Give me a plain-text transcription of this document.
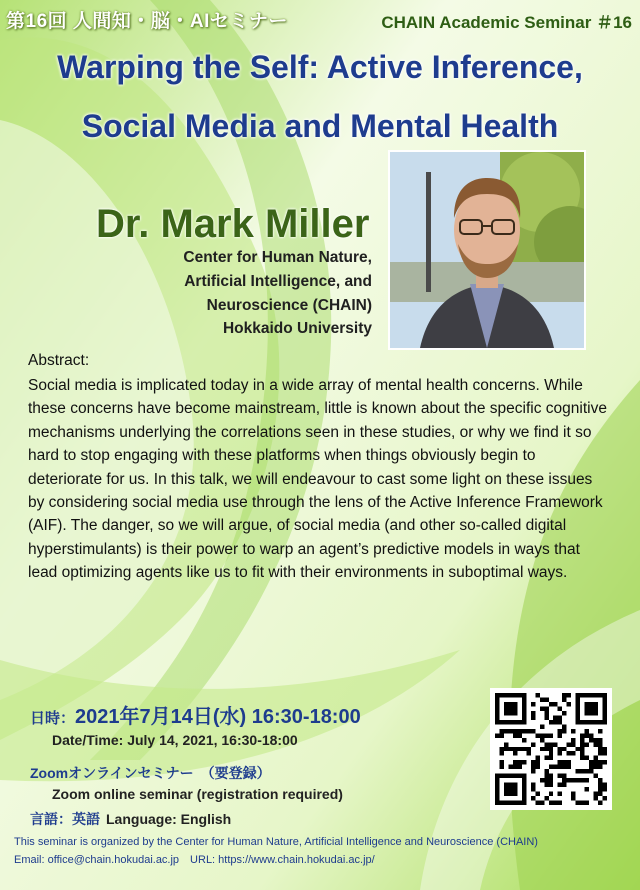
第16回 人間知・脳・AIセミナー	CHAIN Academic Seminar ＃16
Warping the Self: Active Inference,
Social Media and Mental Health
Dr. Mark Miller
Center for Human Nature,
Artificial Intelligence, and
Neuroscience (CHAIN)
Hokkaido University
Abstract:
Social media is implicated today in a wide array of mental health concerns. While these concerns have become mainstream, little is known about the specific cognitive mechanisms underlying the correlations seen in these studies, or why we find it so hard to stop engaging with these platforms when things obviously begin to deteriorate for us. In this talk, we will endeavour to cast some light on these issues by considering social media use through the lens of the Active Inference Framework (AIF). The danger, so we will argue, of social media (and other so-called digital hyperstimulants) is their power to warp an agent’s predictive models in ways that lead optimizing agents like us to fit with their environments in suboptimal ways.
日時：2021年7月14日(水) 16:30-18:00
Date/Time: July 14, 2021, 16:30-18:00
Zoomオンラインセミナー　（要登録）
Zoom online seminar (registration required)
言語：英語 Language: English
This seminar is organized by the Center for Human Nature, Artificial Intelligence and Neuroscience (CHAIN)
Email: office@chain.hokudai.ac.jp　URL: https://www.chain.hokudai.ac.jp/
